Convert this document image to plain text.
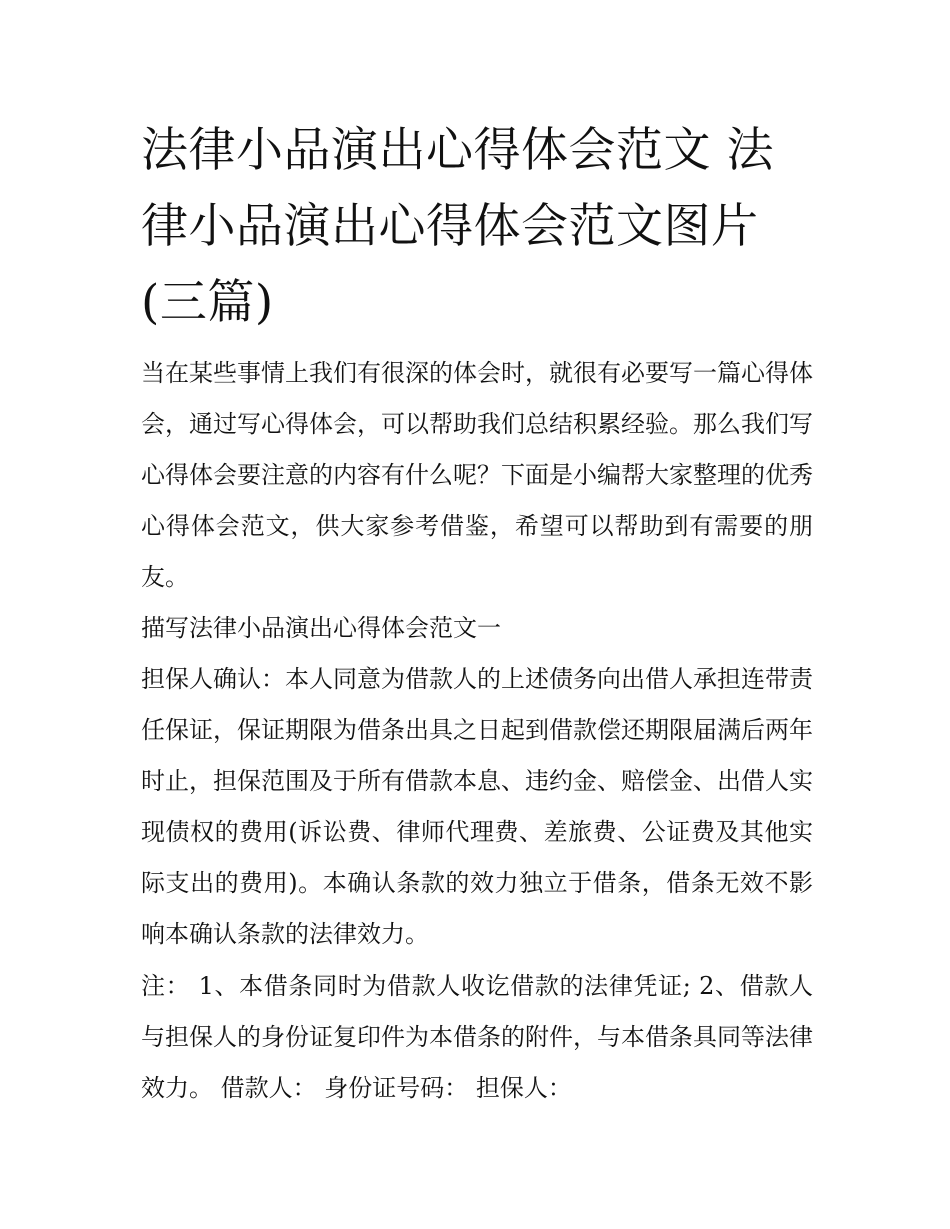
法律小品演出心得体会范文 法律小品演出心得体会范文图片(三篇)

当在某些事情上我们有很深的体会时，就很有必要写一篇心得体会，通过写心得体会，可以帮助我们总结积累经验。那么我们写心得体会要注意的内容有什么呢？下面是小编帮大家整理的优秀心得体会范文，供大家参考借鉴，希望可以帮助到有需要的朋友。

描写法律小品演出心得体会范文一

担保人确认：本人同意为借款人的上述债务向出借人承担连带责任保证，保证期限为借条出具之日起到借款偿还期限届满后两年时止，担保范围及于所有借款本息、违约金、赔偿金、出借人实现债权的费用(诉讼费、律师代理费、差旅费、公证费及其他实际支出的费用)。本确认条款的效力独立于借条，借条无效不影响本确认条款的法律效力。

注： 1、本借条同时为借款人收讫借款的法律凭证; 2、借款人与担保人的身份证复印件为本借条的附件，与本借条具同等法律效力。 借款人： 身份证号码： 担保人：
